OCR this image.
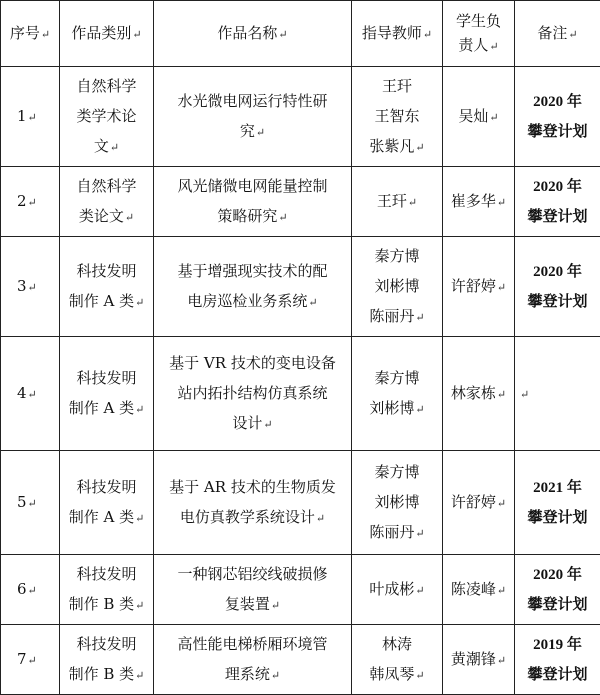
序号↵	作品类别↵	作品名称↵	指导教师↵	学生负
责人↵	备注↵

1↵	自然科学
类学术论
文↵	水光微电网运行特性研
究↵	王玕
王智东
张紫凡↵	吴灿↵	2020 年
攀登计划

2↵	自然科学
类论文↵	风光储微电网能量控制
策略研究↵	王玕↵	崔多华↵	2020 年
攀登计划

3↵	科技发明
制作 A 类↵	基于增强现实技术的配
电房巡检业务系统↵	秦方博
刘彬博
陈丽丹↵	许舒婷↵	2020 年
攀登计划

4↵	科技发明
制作 A 类↵	基于 VR 技术的变电设备
站内拓扑结构仿真系统
设计↵	秦方博
刘彬博↵	林家栋↵	↵
5↵	科技发明
制作 A 类↵	基于 AR 技术的生物质发
电仿真教学系统设计↵	秦方博
刘彬博
陈丽丹↵	许舒婷↵	2021 年
攀登计划

6↵	科技发明
制作 B 类↵	一种钢芯铝绞线破损修
复装置↵	叶成彬↵	陈凌峰↵	2020 年
攀登计划

7↵	科技发明
制作 B 类↵	高性能电梯桥厢环境管
理系统↵	林涛
韩凤琴↵	黄潮锋↵	2019 年
攀登计划
